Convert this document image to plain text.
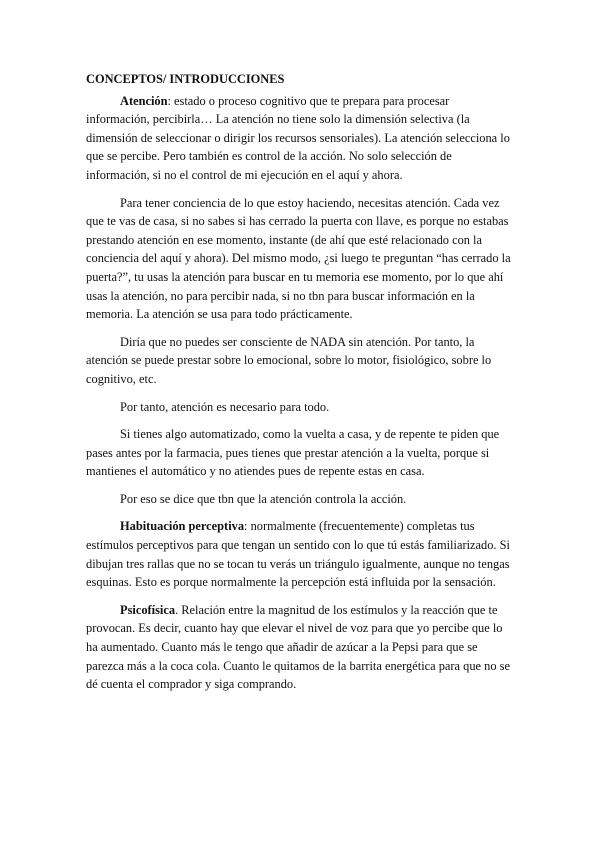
CONCEPTOS/ INTRODUCCIONES

Atención: estado o proceso cognitivo que te prepara para procesar información, percibirla… La atención no tiene solo la dimensión selectiva (la dimensión de seleccionar o dirigir los recursos sensoriales). La atención selecciona lo que se percibe. Pero también es control de la acción. No solo selección de información, si no el control de mi ejecución en el aquí y ahora.

Para tener conciencia de lo que estoy haciendo, necesitas atención. Cada vez que te vas de casa, si no sabes si has cerrado la puerta con llave, es porque no estabas prestando atención en ese momento, instante (de ahí que esté relacionado con la conciencia del aquí y ahora). Del mismo modo, ¿si luego te preguntan “has cerrado la puerta?”, tu usas la atención para buscar en tu memoria ese momento, por lo que ahí usas la atención, no para percibir nada, si no tbn para buscar información en la memoria. La atención se usa para todo prácticamente.

Diría que no puedes ser consciente de NADA sin atención. Por tanto, la atención se puede prestar sobre lo emocional, sobre lo motor, fisiológico, sobre lo cognitivo, etc.

Por tanto, atención es necesario para todo.

Si tienes algo automatizado, como la vuelta a casa, y de repente te piden que pases antes por la farmacia, pues tienes que prestar atención a la vuelta, porque si mantienes el automático y no atiendes pues de repente estas en casa.

Por eso se dice que tbn que la atención controla la acción.

Habituación perceptiva: normalmente (frecuentemente) completas tus estímulos perceptivos para que tengan un sentido con lo que tú estás familiarizado. Si dibujan tres rallas que no se tocan tu verás un triángulo igualmente, aunque no tengas esquinas. Esto es porque normalmente la percepción está influida por la sensación.

Psicofísica. Relación entre la magnitud de los estímulos y la reacción que te provocan. Es decir, cuanto hay que elevar el nivel de voz para que yo percibe que lo ha aumentado. Cuanto más le tengo que añadir de azúcar a la Pepsi para que se parezca más a la coca cola. Cuanto le quitamos de la barrita energética para que no se dé cuenta el comprador y siga comprando.
